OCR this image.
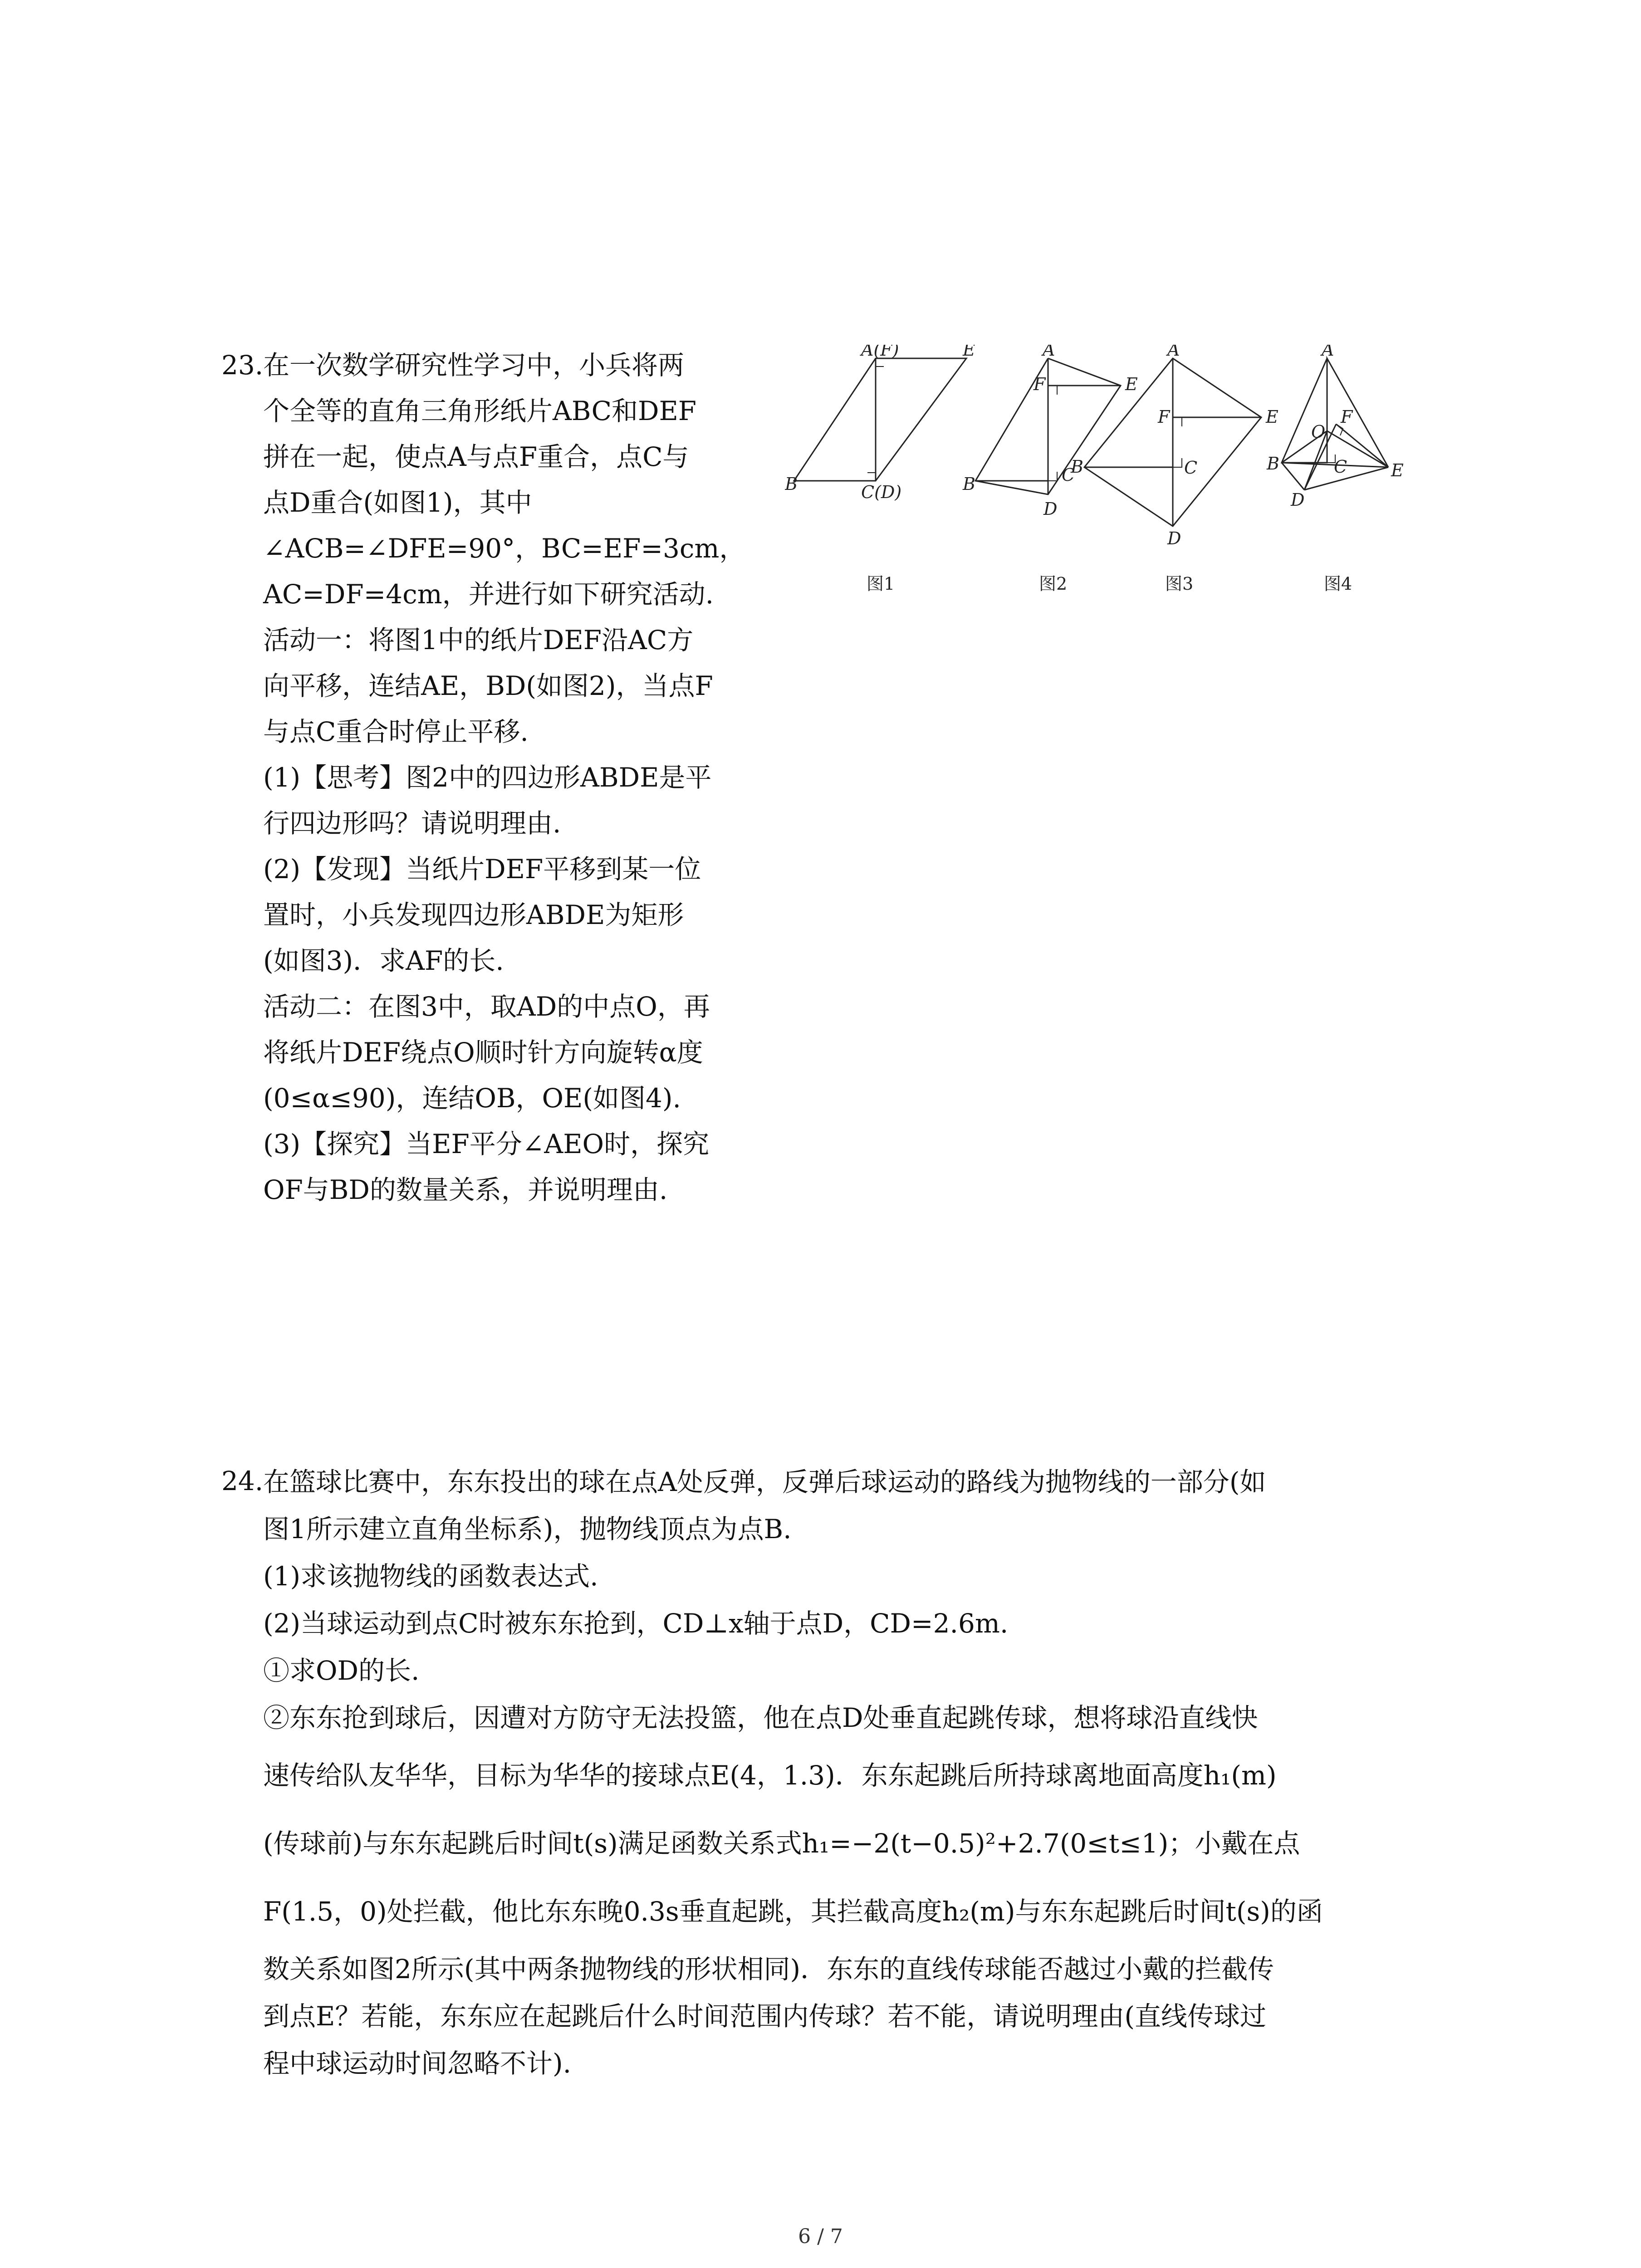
23. 在一次数学研究性学习中，小兵将两
个全等的直角三角形纸片ABC和DEF
拼在一起，使点A与点F重合，点C与
点D重合(如图1)，其中
∠ACB=∠DFE=90°，BC=EF=3cm，
AC=DF=4cm，并进行如下研究活动.
活动一：将图1中的纸片DEF沿AC方
向平移，连结AE，BD(如图2)，当点F
与点C重合时停止平移.
(1)【思考】图2中的四边形ABDE是平
行四边形吗？请说明理由.
(2)【发现】当纸片DEF平移到某一位
置时，小兵发现四边形ABDE为矩形
(如图3)．求AF的长.
活动二：在图3中，取AD的中点O，再
将纸片DEF绕点O顺时针方向旋转α度
(0≤α≤90)，连结OB，OE(如图4).
(3)【探究】当EF平分∠AEO时，探究
OF与BD的数量关系，并说明理由.
A(F)	E
B	C(D)
图1
A
E
F
B	C
D
图2
A
F	E
B	C
D
图3
A
O
F
B	C	E
D
图4
24. 在篮球比赛中，东东投出的球在点A处反弹，反弹后球运动的路线为抛物线的一部分(如
图1所示建立直角坐标系)，抛物线顶点为点B.
(1)求该抛物线的函数表达式.
(2)当球运动到点C时被东东抢到，CD⊥x轴于点D，CD=2.6m.
①求OD的长.
②东东抢到球后，因遭对方防守无法投篮，他在点D处垂直起跳传球，想将球沿直线快
速传给队友华华，目标为华华的接球点E(4，1.3)．东东起跳后所持球离地面高度h₁(m)
(传球前)与东东起跳后时间t(s)满足函数关系式h₁=−2(t−0.5)²+2.7(0≤t≤1)；小戴在点
F(1.5，0)处拦截，他比东东晚0.3s垂直起跳，其拦截高度h₂(m)与东东起跳后时间t(s)的函
数关系如图2所示(其中两条抛物线的形状相同)．东东的直线传球能否越过小戴的拦截传
到点E？若能，东东应在起跳后什么时间范围内传球？若不能，请说明理由(直线传球过
程中球运动时间忽略不计).
6 / 7
